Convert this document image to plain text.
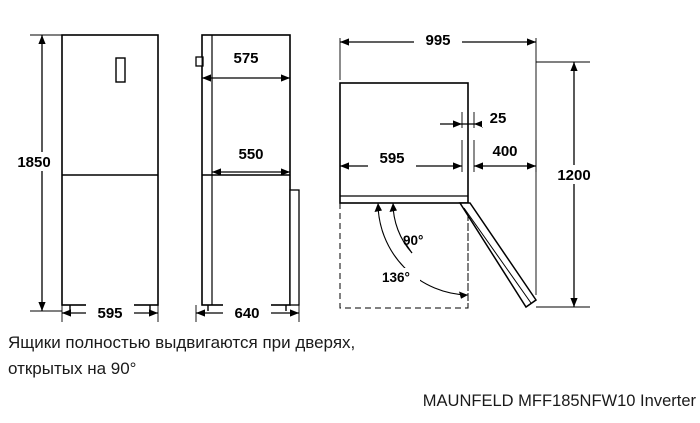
1850
595
575
550
640
90°
136°
995
595
25
400
1200
Ящики полностью выдвигаются при дверях,
открытых на 90°
MAUNFELD MFF185NFW10 Inverter
